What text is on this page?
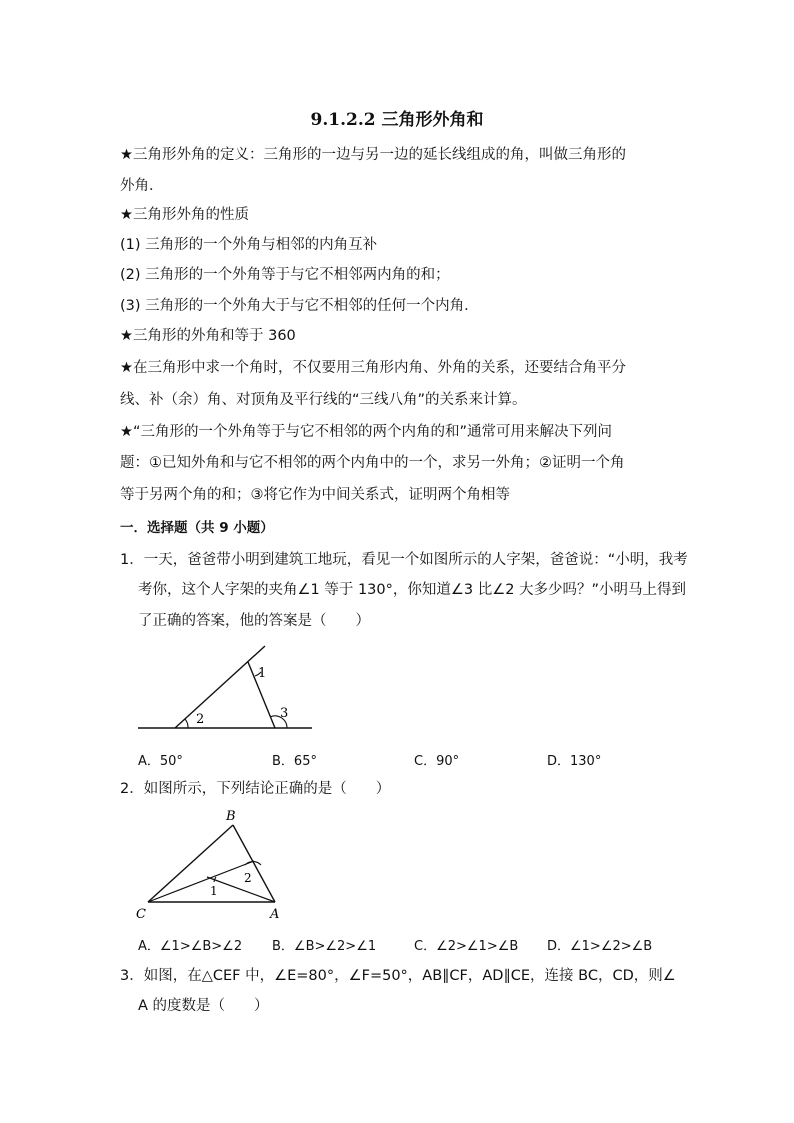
9.1.2.2 三角形外角和
★三角形外角的定义：三角形的一边与另一边的延长线组成的角，叫做三角形的
外角．
★三角形外角的性质
(1) 三角形的一个外角与相邻的内角互补
(2) 三角形的一个外角等于与它不相邻两内角的和；
(3) 三角形的一个外角大于与它不相邻的任何一个内角．
★三角形的外角和等于 360
★在三角形中求一个角时，不仅要用三角形内角、外角的关系，还要结合角平分
线、补（余）角、对顶角及平行线的“三线八角”的关系来计算。
★“三角形的一个外角等于与它不相邻的两个内角的和”通常可用来解决下列问
题：①已知外角和与它不相邻的两个内角中的一个，求另一外角；②证明一个角
等于另两个角的和；③将它作为中间关系式，证明两个角相等
一．选择题（共 9 小题）
1．一天，爸爸带小明到建筑工地玩，看见一个如图所示的人字架，爸爸说：“小明，我考
考你，这个人字架的夹角∠1 等于 130°，你知道∠3 比∠2 大多少吗？”小明马上得到
了正确的答案，他的答案是（　　）
1
2	3
A．50°	B．65°	C．90°	D．130°
2．如图所示，下列结论正确的是（　　）
B
C	A
1
2
A．∠1>∠B>∠2 B．∠B>∠2>∠1	C．∠2>∠1>∠B D．∠1>∠2>∠B
3．如图，在△CEF 中，∠E=80°，∠F=50°，AB∥CF，AD∥CE，连接 BC，CD，则∠
A 的度数是（　　）
